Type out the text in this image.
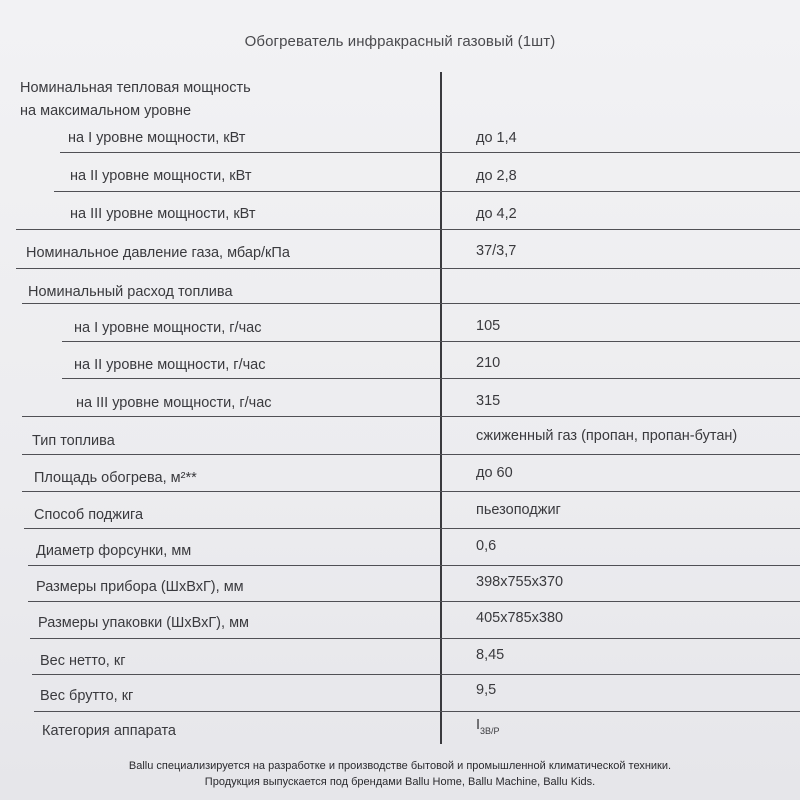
Обогреватель инфракрасный газовый (1шт)
Номинальная тепловая мощность
на максимальном уровне
на I уровне мощности, кВт	до 1,4
на II уровне мощности, кВт	до 2,8
на III уровне мощности, кВт	до 4,2
Номинальное давление газа, мбар/кПа	37/3,7
Номинальный расход топлива
на I уровне мощности, г/час	105
на II уровне мощности, г/час	210
на III уровне мощности, г/час	315
Тип топлива	сжиженный газ (пропан, пропан-бутан)
Площадь обогрева, м²**	до 60
Способ поджига	пьезоподжиг
Диаметр форсунки, мм	0,6
Размеры прибора (ШхВхГ), мм	398x755x370
Размеры упаковки (ШхВхГ), мм	405x785x380
Вес нетто, кг	8,45
Вес брутто, кг	9,5
Категория аппарата	$I_{3B/P}$
Ballu специализируется на разработке и производстве бытовой и промышленной климатической техники.
Продукция выпускается под брендами Ballu Home, Ballu Machine, Ballu Kids.
